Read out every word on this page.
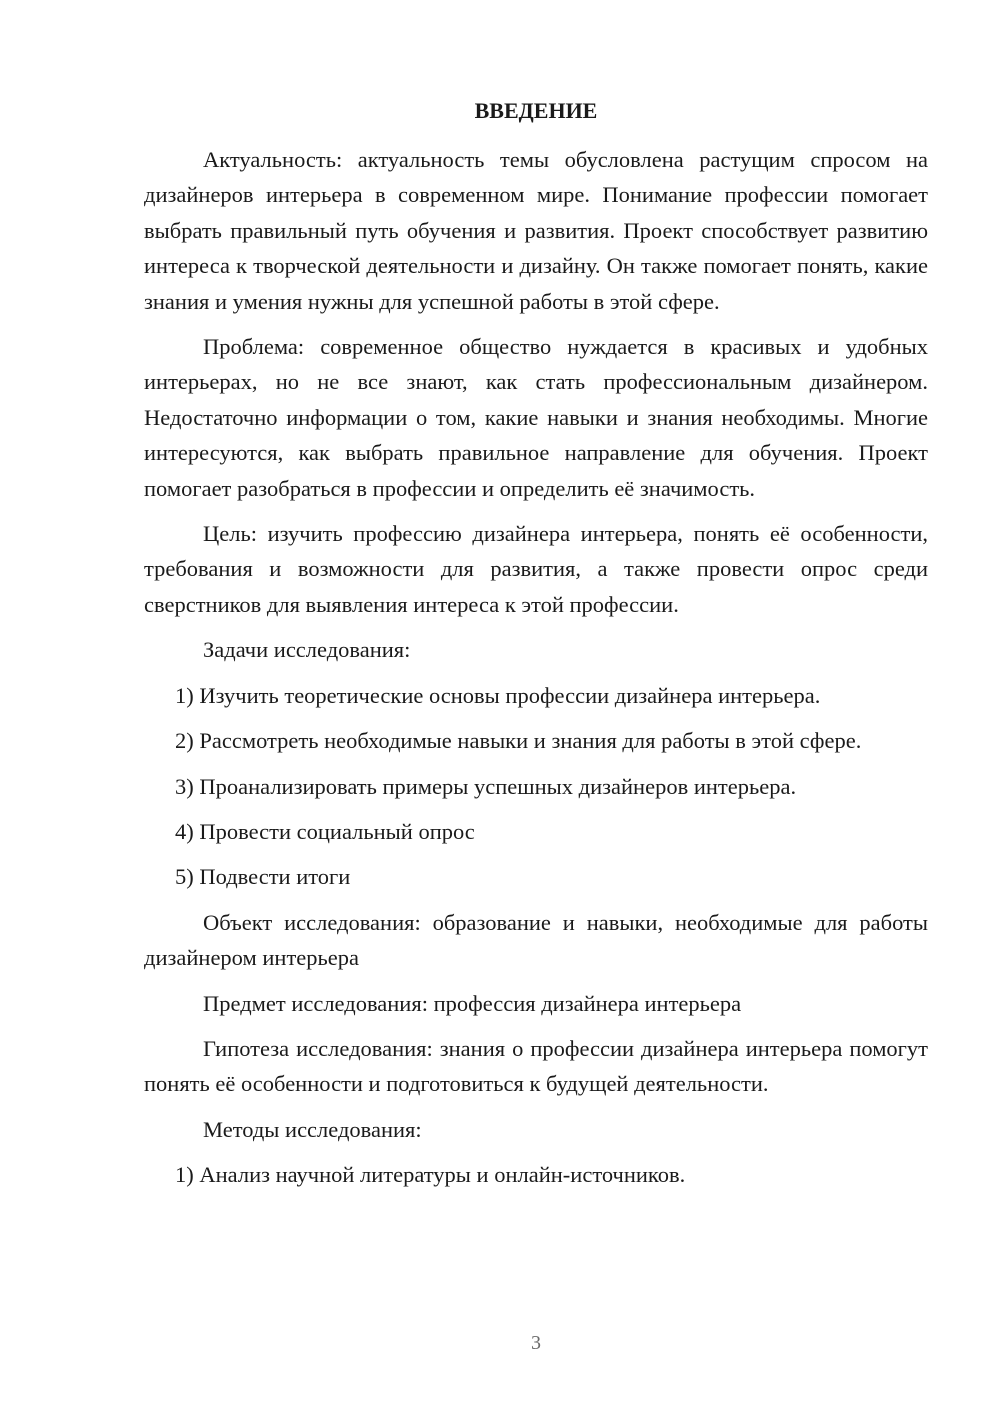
ВВЕДЕНИЕ

Актуальность: актуальность темы обусловлена растущим спросом на дизайнеров интерьера в современном мире. Понимание профессии помогает выбрать правильный путь обучения и развития. Проект способствует развитию интереса к творческой деятельности и дизайну. Он также помогает понять, какие знания и умения нужны для успешной работы в этой сфере.

Проблема: современное общество нуждается в красивых и удобных интерьерах, но не все знают, как стать профессиональным дизайнером. Недостаточно информации о том, какие навыки и знания необходимы. Многие интересуются, как выбрать правильное направление для обучения. Проект помогает разобраться в профессии и определить её значимость.

Цель: изучить профессию дизайнера интерьера, понять её особенности, требования и возможности для развития, а также провести опрос среди сверстников для выявления интереса к этой профессии.

Задачи исследования:

1) Изучить теоретические основы профессии дизайнера интерьера.

2) Рассмотреть необходимые навыки и знания для работы в этой сфере.

3) Проанализировать примеры успешных дизайнеров интерьера.

4) Провести социальный опрос

5) Подвести итоги

Объект исследования: образование и навыки, необходимые для работы дизайнером интерьера

Предмет исследования: профессия дизайнера интерьера

Гипотеза исследования: знания о профессии дизайнера интерьера помогут понять её особенности и подготовиться к будущей деятельности.

Методы исследования:

1) Анализ научной литературы и онлайн-источников.

3
